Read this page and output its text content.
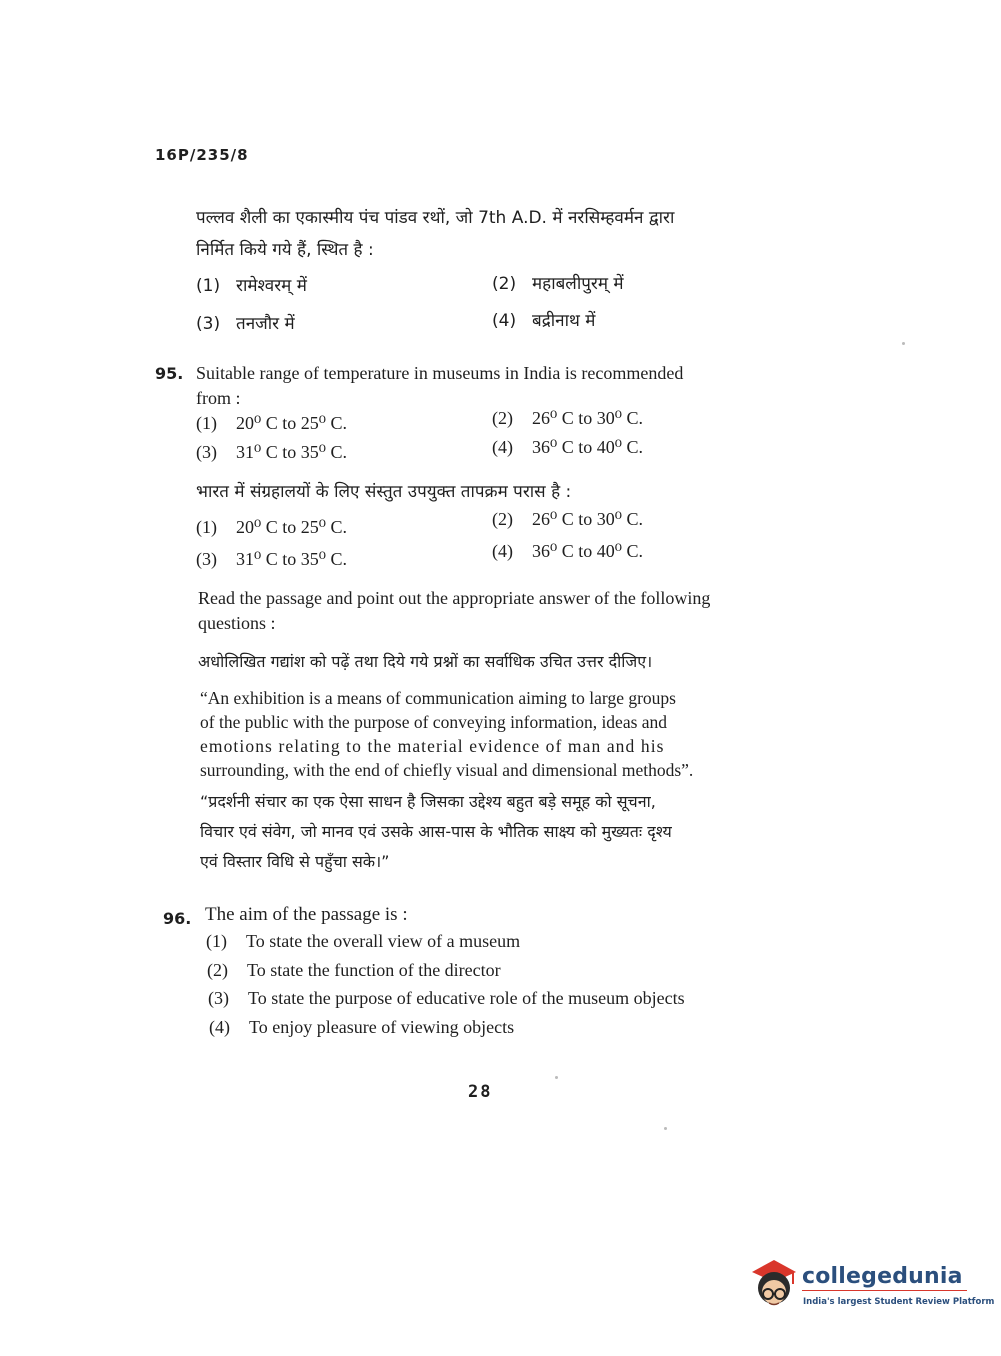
16P/235/8
पल्लव शैली का एकास्मीय पंच पांडव रथों, जो 7th A.D. में नरसिम्हवर्मन द्वारा
निर्मित किये गये हैं, स्थित है :
(1) रामेश्वरम् में	(2) महाबलीपुरम् में
(3) तनजौर में	(4) बद्रीनाथ में
95. Suitable range of temperature in museums in India is recommended
from :
(1) 20⁰ C to 25⁰ C.	(2) 26⁰ C to 30⁰ C.
(3) 31⁰ C to 35⁰ C.	(4) 36⁰ C to 40⁰ C.
भारत में संग्रहालयों के लिए संस्तुत उपयुक्त तापक्रम परास है :
(1) 20⁰ C to 25⁰ C.	(2) 26⁰ C to 30⁰ C.
(3) 31⁰ C to 35⁰ C.	(4) 36⁰ C to 40⁰ C.
Read the passage and point out the appropriate answer of the following
questions :
अधोलिखित गद्यांश को पढ़ें तथा दिये गये प्रश्नों का सर्वाधिक उचित उत्तर दीजिए।
“An exhibition is a means of communication aiming to large groups
of the public with the purpose of conveying information, ideas and
emotions relating to the material evidence of man and his
surrounding, with the end of chiefly visual and dimensional methods”.
“प्रदर्शनी संचार का एक ऐसा साधन है जिसका उद्देश्य बहुत बड़े समूह को सूचना,
विचार एवं संवेग, जो मानव एवं उसके आस-पास के भौतिक साक्ष्य को मुख्यतः दृश्य
एवं विस्तार विधि से पहुँचा सके।”
96. The aim of the passage is :
(1) To state the overall view of a museum
(2) To state the function of the director
(3) To state the purpose of educative role of the museum objects
(4) To enjoy pleasure of viewing objects
28
collegedunia
India's largest Student Review Platform
